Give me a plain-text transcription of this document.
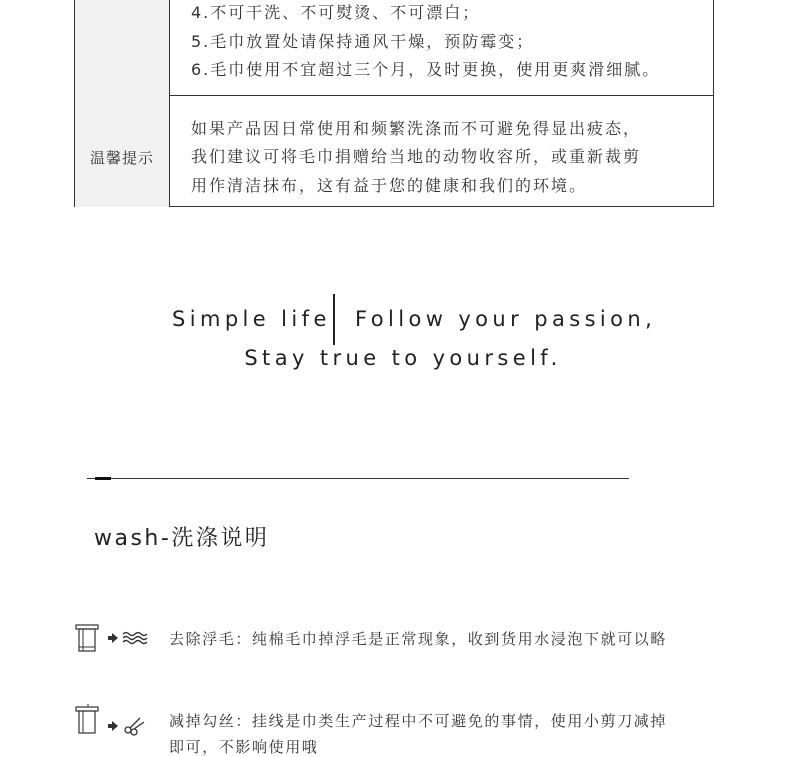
4.不可干洗、不可熨烫、不可漂白；
5.毛巾放置处请保持通风干燥，预防霉变；
6.毛巾使用不宜超过三个月，及时更换，使用更爽滑细腻。
温馨提示
如果产品因日常使用和频繁洗涤而不可避免得显出疲态，
我们建议可将毛巾捐赠给当地的动物收容所，或重新裁剪
用作清洁抹布，这有益于您的健康和我们的环境。
Simple life Follow your passion,
Stay true to yourself.
wash-洗涤说明
去除浮毛：纯棉毛巾掉浮毛是正常现象，收到货用水浸泡下就可以略
减掉勾丝：挂线是巾类生产过程中不可避免的事情，使用小剪刀减掉
即可，不影响使用哦
